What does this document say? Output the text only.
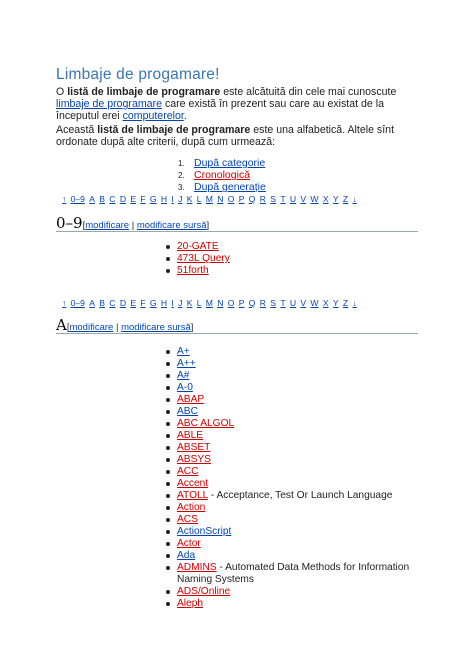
Limbaje de progamare!
O listă de limbaje de programare este alcătuită din cele mai cunoscute limbaje de programare care există în prezent sau care au existat de la începutul erei computerelor.
Această listă de limbaje de programare este una alfabetică. Altele sînt ordonate după alte criterii, după cum urmează:
1. După categorie
2. Cronologică
3. După generație
↑ 0–9 A B C D E F G H I J K L M N O P Q R S T U V W X Y Z ↓
0–9[modificare | modificare sursă]
20-GATE
473L Query
51forth
↑ 0–9 A B C D E F G H I J K L M N O P Q R S T U V W X Y Z ↓
A[modificare | modificare sursă]
A+
A++
A#
A-0
ABAP
ABC
ABC ALGOL
ABLE
ABSET
ABSYS
ACC
Accent
ATOLL - Acceptance, Test Or Launch Language
Action
ACS
ActionScript
Actor
Ada
ADMINS - Automated Data Methods for Information Naming Systems
ADS/Online
Aleph
